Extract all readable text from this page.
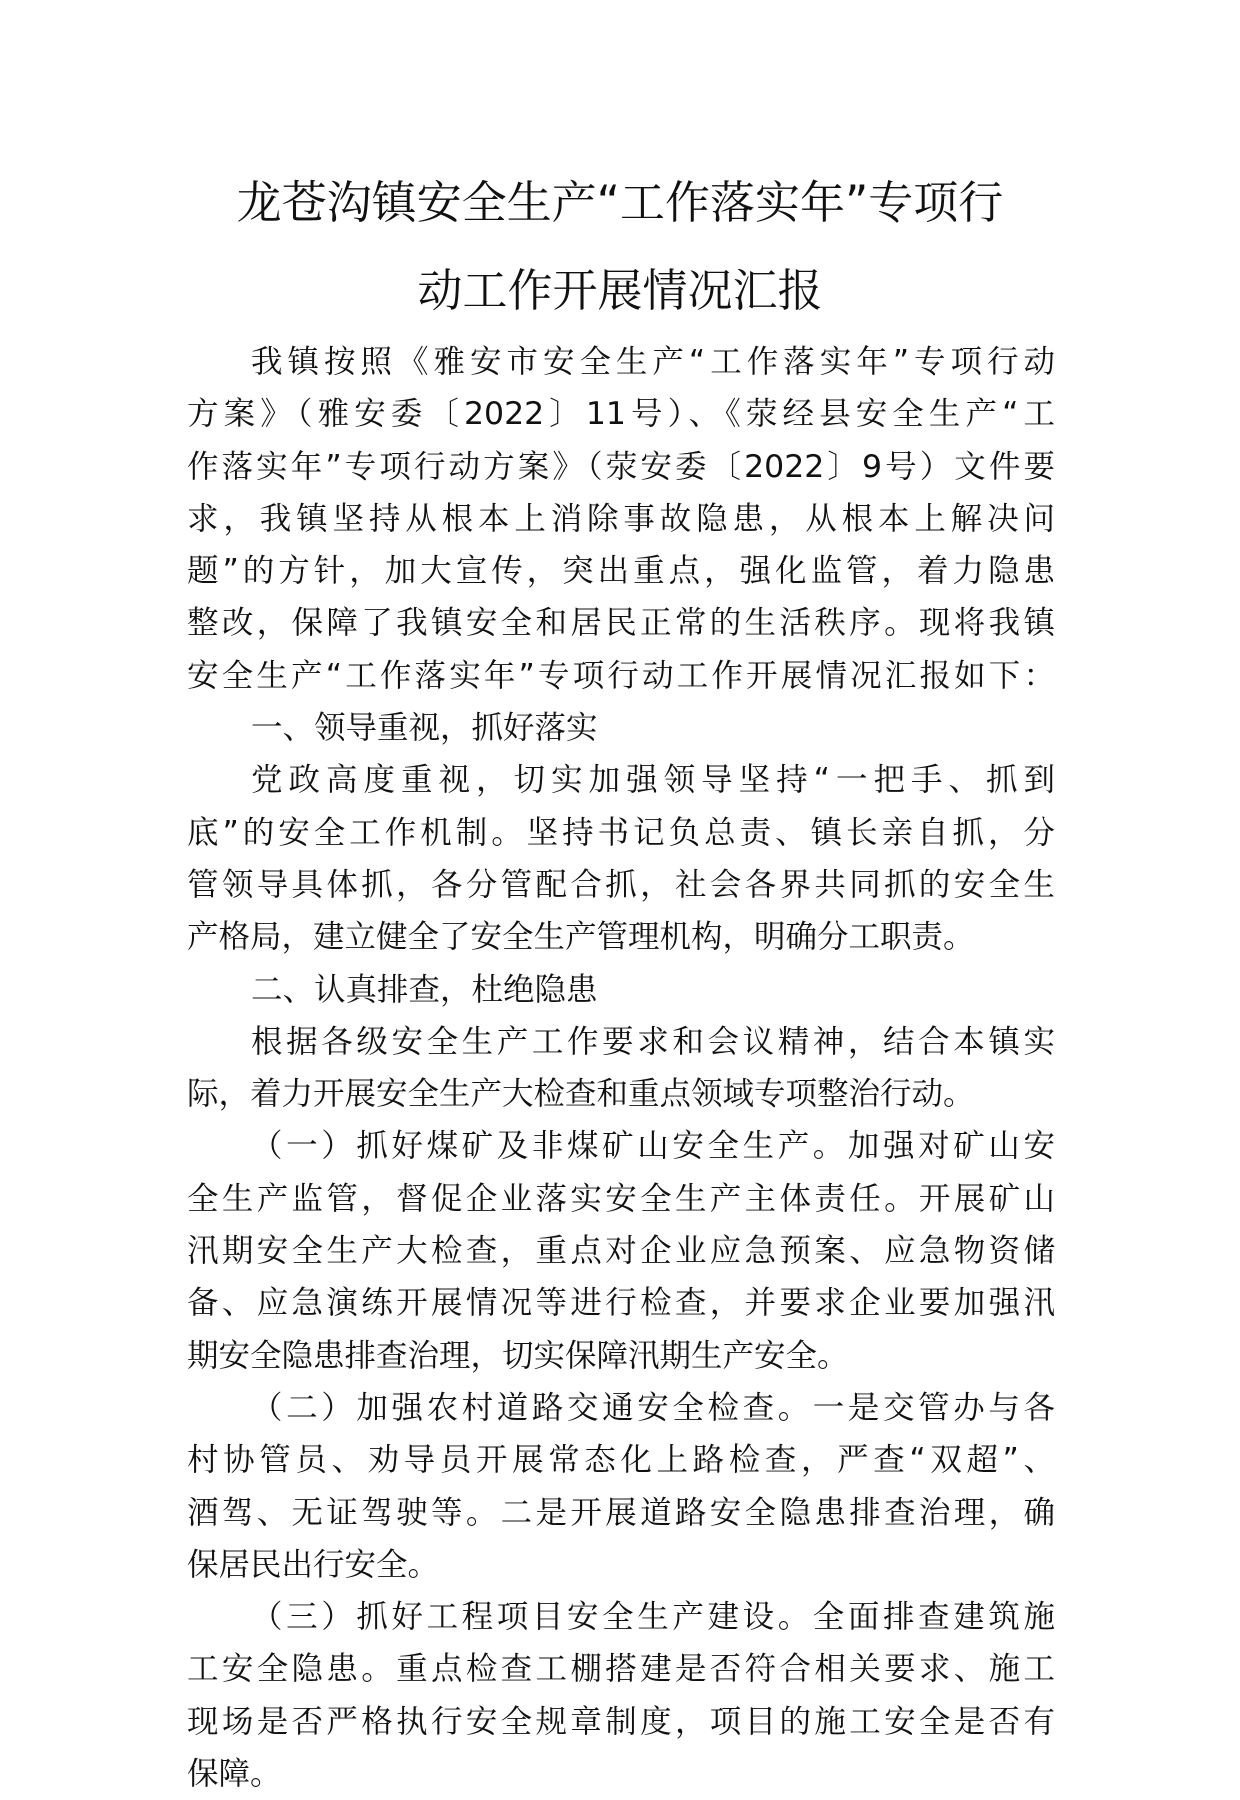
龙苍沟镇安全生产“工作落实年”专项行
动工作开展情况汇报
我镇按照《雅安市安全生产“工作落实年”专项行动
方案》（雅安委〔2022〕11号）、《荥经县安全生产“工
作落实年”专项行动方案》（荥安委〔2022〕9号）文件要
求，我镇坚持从根本上消除事故隐患，从根本上解决问
题”的方针，加大宣传，突出重点，强化监管，着力隐患
整改，保障了我镇安全和居民正常的生活秩序。现将我镇
安全生产“工作落实年”专项行动工作开展情况汇报如下：
一、领导重视，抓好落实
党政高度重视，切实加强领导坚持“一把手、抓到
底”的安全工作机制。坚持书记负总责、镇长亲自抓，分
管领导具体抓，各分管配合抓，社会各界共同抓的安全生
产格局，建立健全了安全生产管理机构，明确分工职责。
二、认真排查，杜绝隐患
根据各级安全生产工作要求和会议精神，结合本镇实
际，着力开展安全生产大检查和重点领域专项整治行动。
（一）抓好煤矿及非煤矿山安全生产。加强对矿山安
全生产监管，督促企业落实安全生产主体责任。开展矿山
汛期安全生产大检查，重点对企业应急预案、应急物资储
备、应急演练开展情况等进行检查，并要求企业要加强汛
期安全隐患排查治理，切实保障汛期生产安全。
（二）加强农村道路交通安全检查。一是交管办与各
村协管员、劝导员开展常态化上路检查，严查“双超”、
酒驾、无证驾驶等。二是开展道路安全隐患排查治理，确
保居民出行安全。
（三）抓好工程项目安全生产建设。全面排查建筑施
工安全隐患。重点检查工棚搭建是否符合相关要求、施工
现场是否严格执行安全规章制度，项目的施工安全是否有
保障。
